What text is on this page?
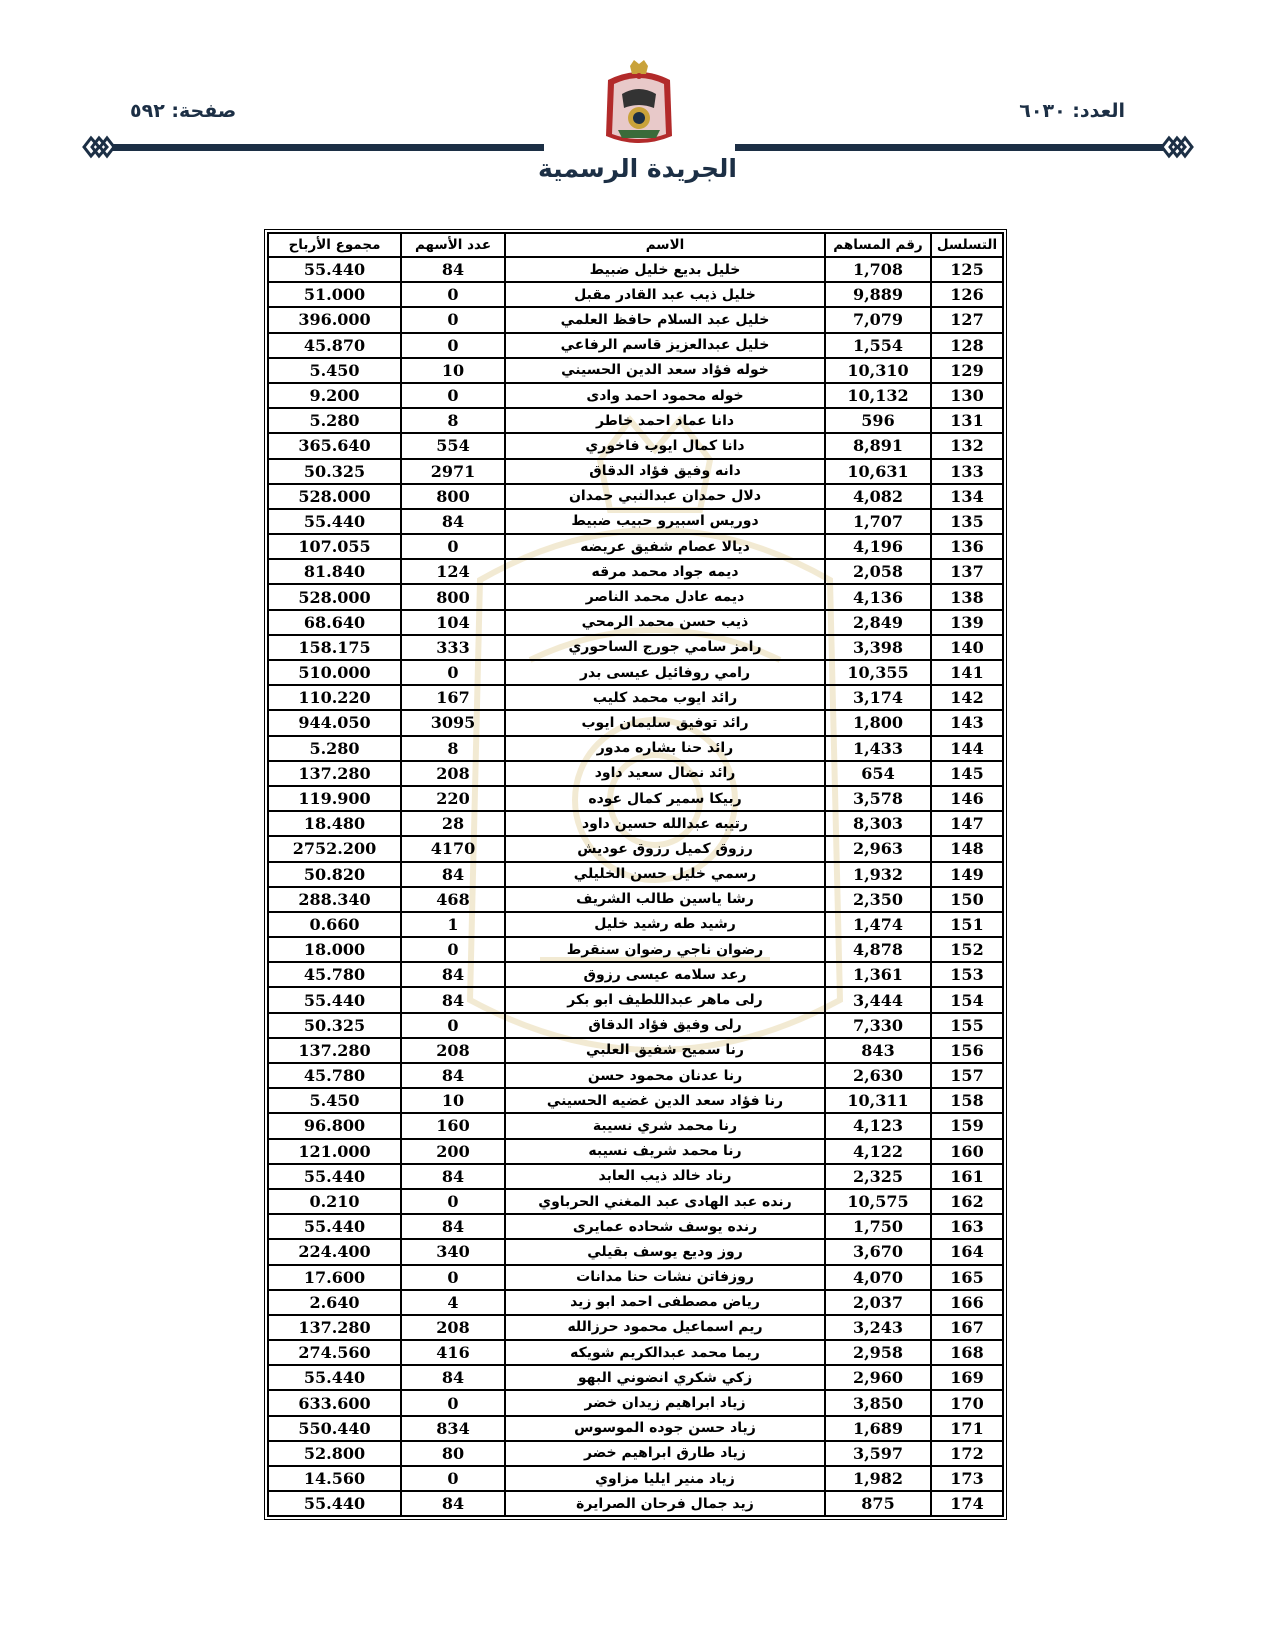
العدد: ٦٠٣٠
صفحة: ٥٩٢
الجريدة الرسمية
التسلسل	رقم المساهم	الاسم	عدد الأسهم	مجموع الأرباح
125	1,708	خليل بديع خليل ضبيط	84	55.440
126	9,889	خليل ذيب عبد القادر مقبل	0	51.000
127	7,079	خليل عبد السلام حافظ العلمي	0	396.000
128	1,554	خليل عبدالعزيز قاسم الرفاعي	0	45.870
129	10,310	خوله فؤاد سعد الدين الحسيني	10	5.450
130	10,132	خوله محمود احمد وادى	0	9.200
131	596	دانا عماد احمد خاطر	8	5.280
132	8,891	دانا كمال ايوب فاخوري	554	365.640
133	10,631	دانه وفيق فؤاد الدقاق	2971	50.325
134	4,082	دلال حمدان عبدالنبي حمدان	800	528.000
135	1,707	دوريس اسبيرو حبيب ضبيط	84	55.440
136	4,196	ديالا عصام شفيق عريضه	0	107.055
137	2,058	ديمه جواد محمد مرقه	124	81.840
138	4,136	ديمه عادل محمد الناصر	800	528.000
139	2,849	ذيب حسن محمد الرمحي	104	68.640
140	3,398	رامز سامي جورج الساحوري	333	158.175
141	10,355	رامي روفائيل عيسى بدر	0	510.000
142	3,174	رائد ايوب محمد كليب	167	110.220
143	1,800	رائد توفيق سليمان ايوب	3095	944.050
144	1,433	رائد حنا بشاره مدور	8	5.280
145	654	رائد نضال سعيد داود	208	137.280
146	3,578	ربيكا سمير كمال عوده	220	119.900
147	8,303	رتيبه عبدالله حسين داود	28	18.480
148	2,963	رزوق كميل رزوق عوديش	4170	2752.200
149	1,932	رسمي خليل حسن الخليلي	84	50.820
150	2,350	رشا ياسين طالب الشريف	468	288.340
151	1,474	رشيد طه رشيد خليل	1	0.660
152	4,878	رضوان ناجي رضوان سنقرط	0	18.000
153	1,361	رعد سلامه عيسى رزوق	84	45.780
154	3,444	رلى ماهر عبداللطيف ابو بكر	84	55.440
155	7,330	رلى وفيق فؤاد الدقاق	0	50.325
156	843	رنا سميح شفيق العلبي	208	137.280
157	2,630	رنا عدنان محمود حسن	84	45.780
158	10,311	رنا فؤاد سعد الدين غضيه الحسيني	10	5.450
159	4,123	رنا محمد شري نسيبة	160	96.800
160	4,122	رنا محمد شريف نسيبه	200	121.000
161	2,325	رناد خالد ذيب العابد	84	55.440
162	10,575	رنده عبد الهادى عبد المغني الحرباوي	0	0.210
163	1,750	رنده يوسف شحاده عمايرى	84	55.440
164	3,670	روز وديع يوسف بقيلي	340	224.400
165	4,070	روزفاتن نشات حنا مدانات	0	17.600
166	2,037	رياض مصطفى احمد ابو زيد	4	2.640
167	3,243	ريم اسماعيل محمود حرزالله	208	137.280
168	2,958	ريما محمد عبدالكريم شويكه	416	274.560
169	2,960	زكي شكري انضوني البهو	84	55.440
170	3,850	زياد ابراهيم زيدان خضر	0	633.600
171	1,689	زياد حسن جوده الموسوس	834	550.440
172	3,597	زياد طارق ابراهيم خضر	80	52.800
173	1,982	زياد منير ايليا مزاوي	0	14.560
174	875	زيد جمال فرحان الصرايرة	84	55.440
